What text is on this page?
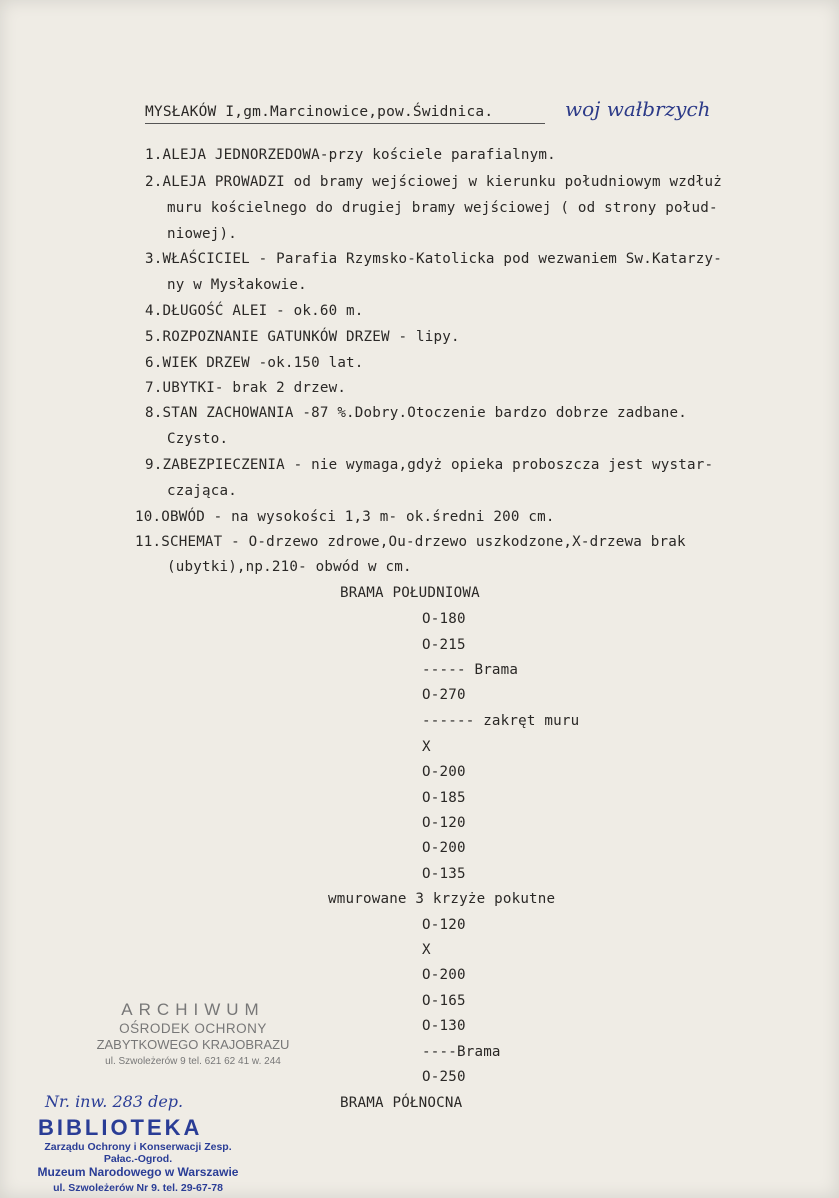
MYSŁAKÓW I,gm.Marcinowice,pow.Świdnica.	woj wałbrzych
1.ALEJA JEDNORZEDOWA-przy kościele parafialnym.
2.ALEJA PROWADZI od bramy wejściowej w kierunku południowym wzdłuż
muru kościelnego do drugiej bramy wejściowej ( od strony połud-
niowej).
3.WŁAŚCICIEL - Parafia Rzymsko-Katolicka pod wezwaniem Sw.Katarzy-
ny w Mysłakowie.
4.DŁUGOŚĆ ALEI - ok.60 m.
5.ROZPOZNANIE GATUNKÓW DRZEW - lipy.
6.WIEK DRZEW -ok.150 lat.
7.UBYTKI- brak 2 drzew.
8.STAN ZACHOWANIA -87 %.Dobry.Otoczenie bardzo dobrze zadbane.
Czysto.
9.ZABEZPIECZENIA - nie wymaga,gdyż opieka proboszcza jest wystar-
czająca.
10.OBWÓD - na wysokości 1,3 m- ok.średni 200 cm.
11.SCHEMAT - O-drzewo zdrowe,Ou-drzewo uszkodzone,X-drzewa brak
(ubytki),np.210- obwód w cm.
BRAMA POŁUDNIOWA
O-180
O-215
----- Brama
O-270
------ zakręt muru
X
O-200
O-185
O-120
O-200
O-135
wmurowane 3 krzyże pokutne
O-120
X
O-200
O-165
O-130
----Brama
O-250
BRAMA PÓŁNOCNA
ARCHIWUM
OŚRODEK OCHRONY
ZABYTKOWEGO KRAJOBRAZU
ul. Szwoleżerów 9 tel. 621 62 41 w. 244
Nr. inw. 283 dep.
BIBLIOTEKA
Zarządu Ochrony i Konserwacji Zesp. Pałac.-Ogrod.
Muzeum Narodowego w Warszawie
ul. Szwoleżerów Nr 9. tel. 29-67-78
